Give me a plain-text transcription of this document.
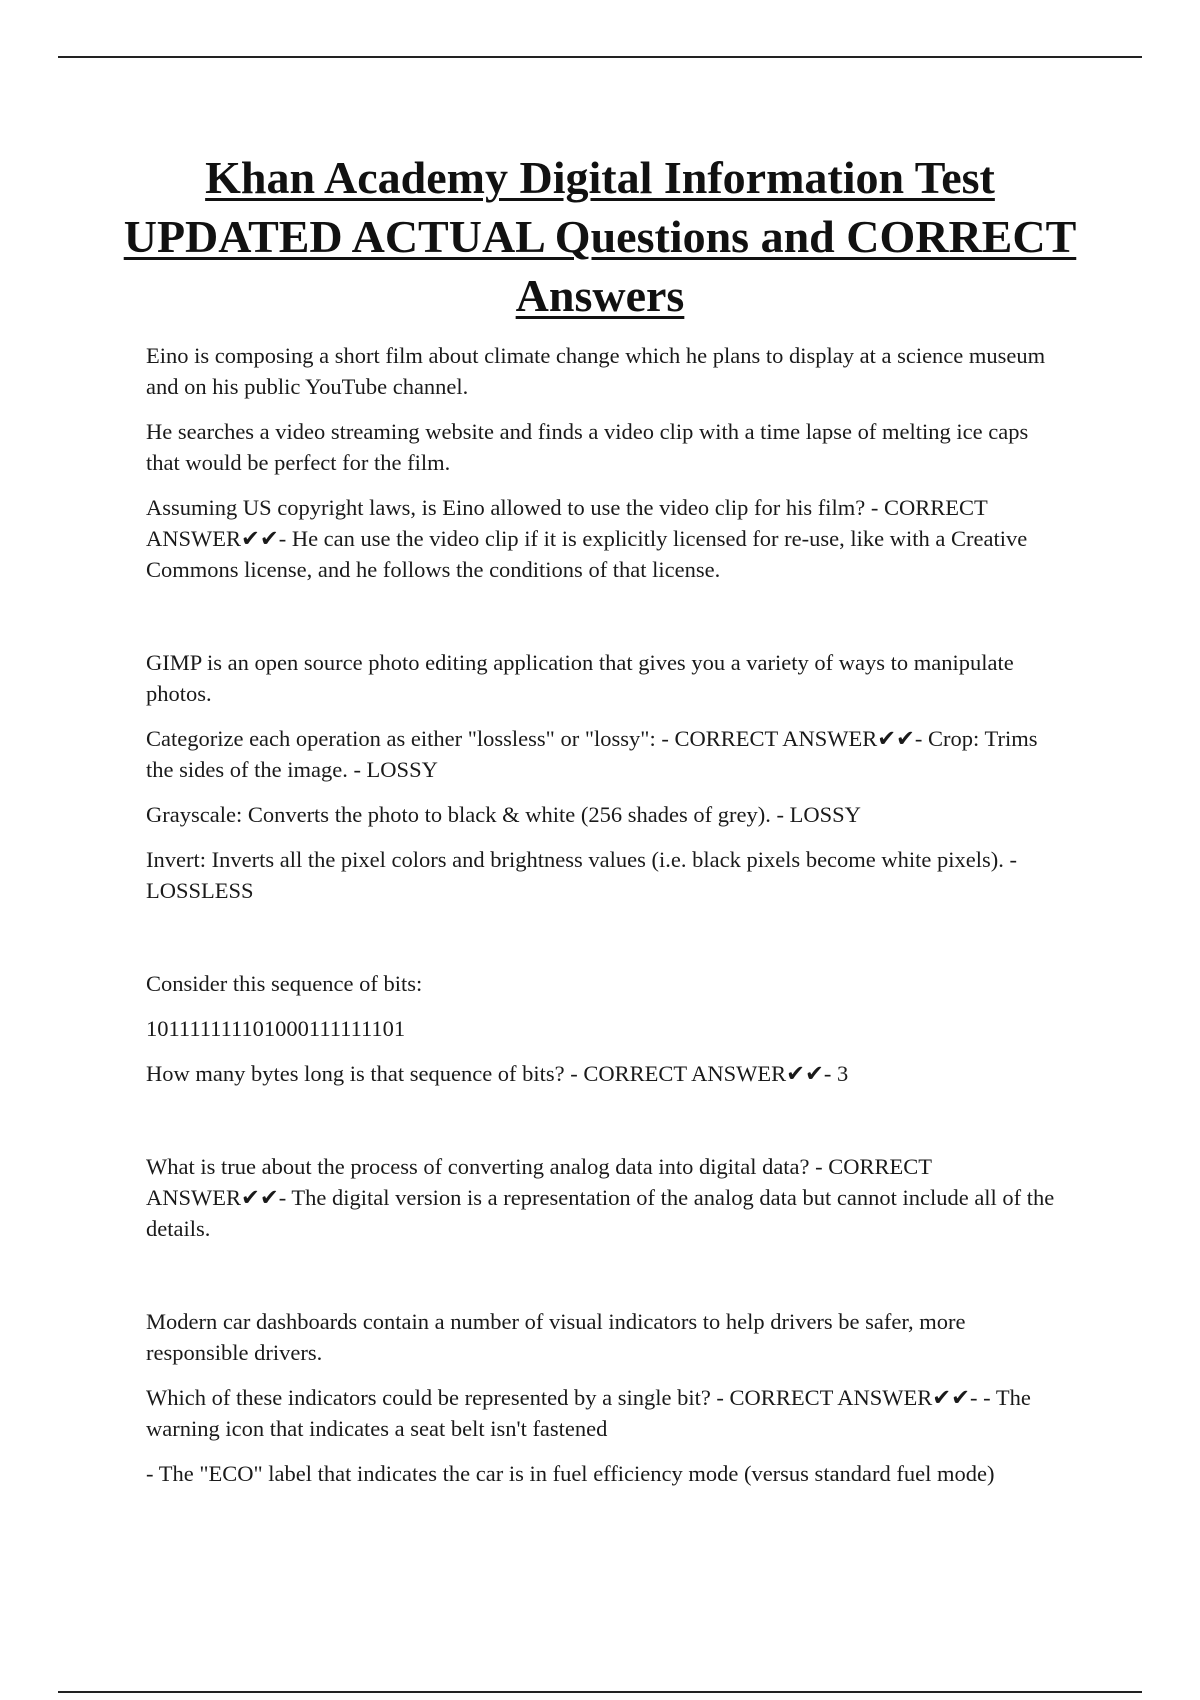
Khan Academy Digital Information Test UPDATED ACTUAL Questions and CORRECT Answers

Eino is composing a short film about climate change which he plans to display at a science museum and on his public YouTube channel.

He searches a video streaming website and finds a video clip with a time lapse of melting ice caps that would be perfect for the film.

Assuming US copyright laws, is Eino allowed to use the video clip for his film? - CORRECT ANSWER✔✔- He can use the video clip if it is explicitly licensed for re-use, like with a Creative Commons license, and he follows the conditions of that license.

GIMP is an open source photo editing application that gives you a variety of ways to manipulate photos.

Categorize each operation as either "lossless" or "lossy": - CORRECT ANSWER✔✔- Crop: Trims the sides of the image. - LOSSY

Grayscale: Converts the photo to black & white (256 shades of grey). - LOSSY

Invert: Inverts all the pixel colors and brightness values (i.e. black pixels become white pixels). - LOSSLESS

Consider this sequence of bits:

101111111101000111111101

How many bytes long is that sequence of bits? - CORRECT ANSWER✔✔- 3

What is true about the process of converting analog data into digital data? - CORRECT ANSWER✔✔- The digital version is a representation of the analog data but cannot include all of the details.

Modern car dashboards contain a number of visual indicators to help drivers be safer, more responsible drivers.

Which of these indicators could be represented by a single bit? - CORRECT ANSWER✔✔- - The warning icon that indicates a seat belt isn't fastened

- The "ECO" label that indicates the car is in fuel efficiency mode (versus standard fuel mode)
